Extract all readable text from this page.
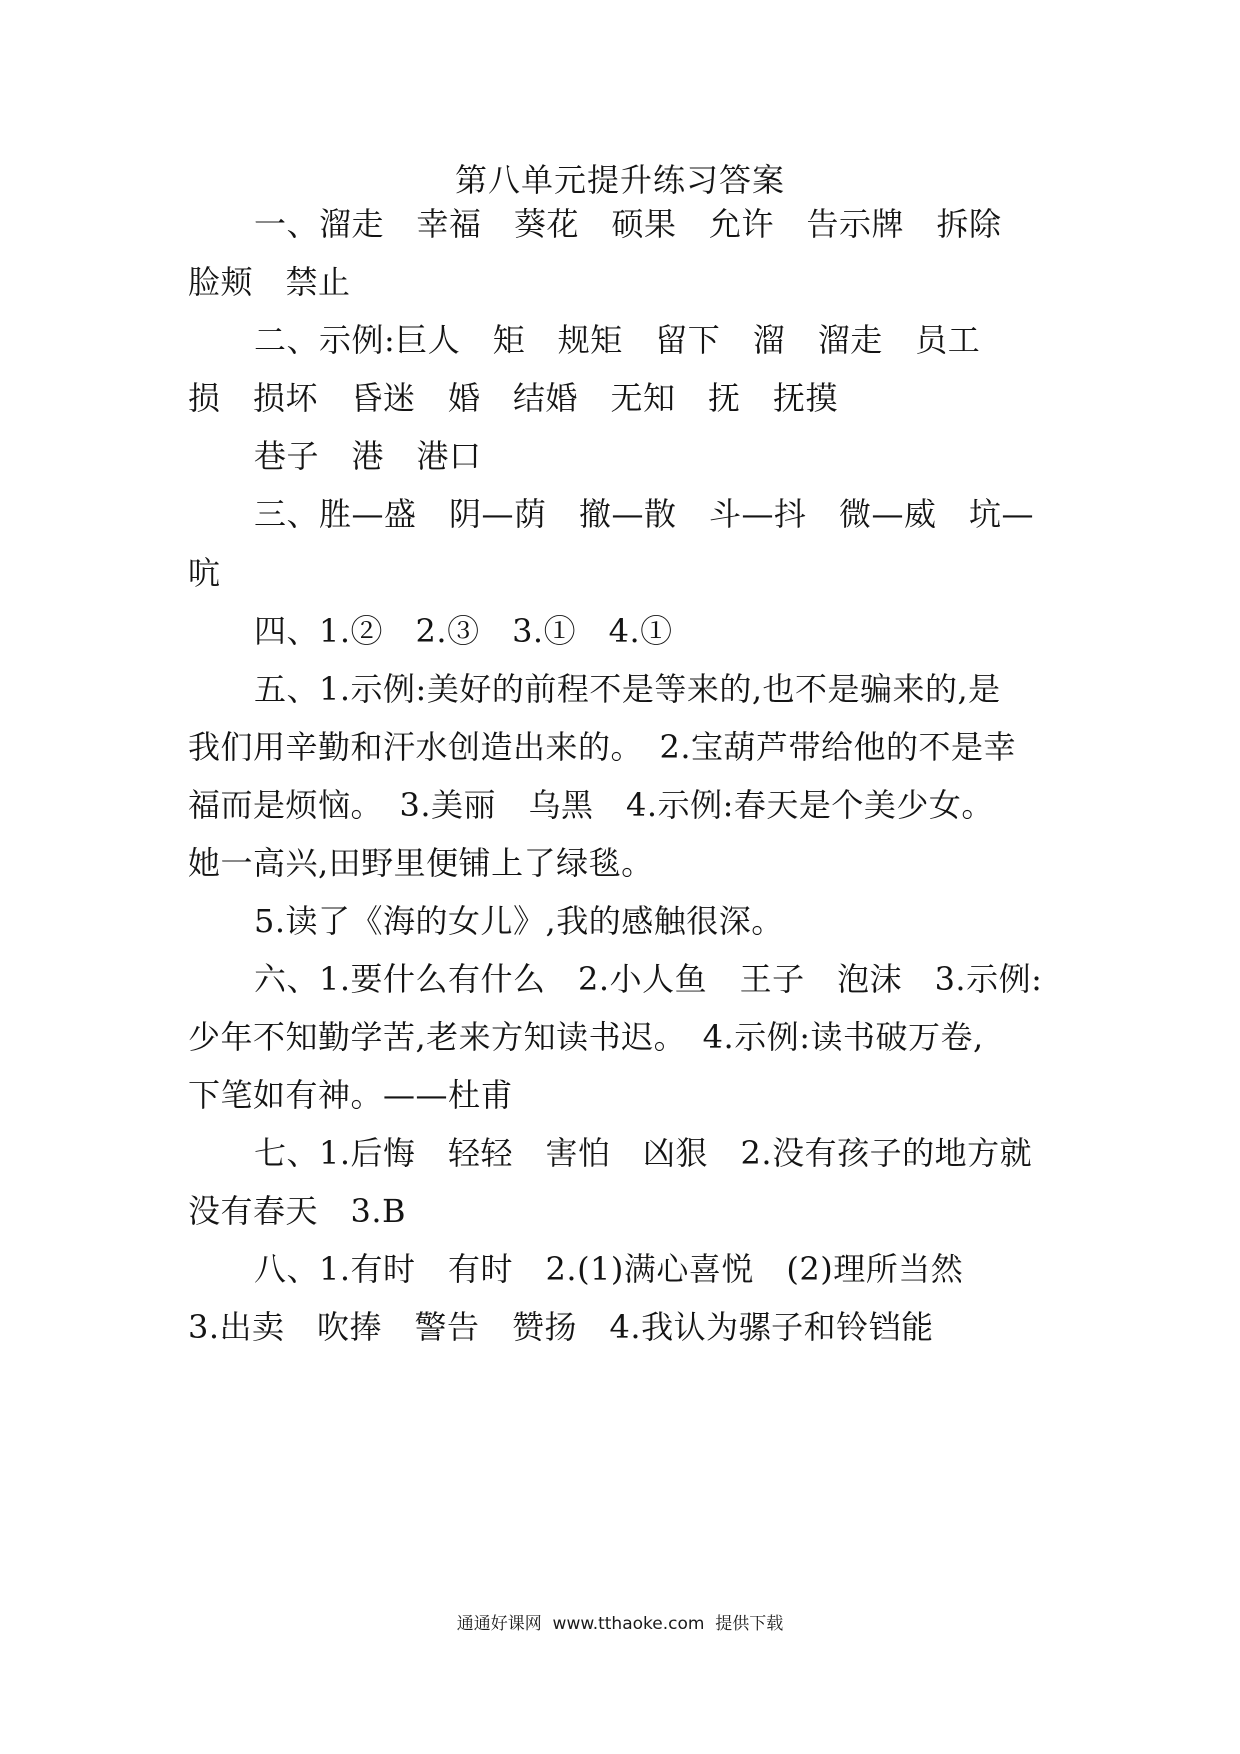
第八单元提升练习答案
一、溜走　幸福　葵花　硕果　允许　告示牌　拆除
脸颊　禁止
二、示例:巨人　矩　规矩　留下　溜　溜走　员工
损　损坏　昏迷　婚　结婚　无知　抚　抚摸
巷子　港　港口
三、胜—盛　阴—荫　撤—散　斗—抖　微—威　坑—
吭
四、1.②　2.③　3.①　4.①
五、1.示例:美好的前程不是等来的,也不是骗来的,是
我们用辛勤和汗水创造出来的。　2.宝葫芦带给他的不是幸
福而是烦恼。　3.美丽　乌黑　4.示例:春天是个美少女。
她一高兴,田野里便铺上了绿毯。
5.读了《海的女儿》,我的感触很深。
六、1.要什么有什么　2.小人鱼　王子　泡沫　3.示例:
少年不知勤学苦,老来方知读书迟。　4.示例:读书破万卷,
下笔如有神。——杜甫
七、1.后悔　轻轻　害怕　凶狠　2.没有孩子的地方就
没有春天　3.B
八、1.有时　有时　2.(1)满心喜悦　(2)理所当然
3.出卖　吹捧　警告　赞扬　4.我认为骡子和铃铛能
通通好课网  www.tthaoke.com  提供下载
